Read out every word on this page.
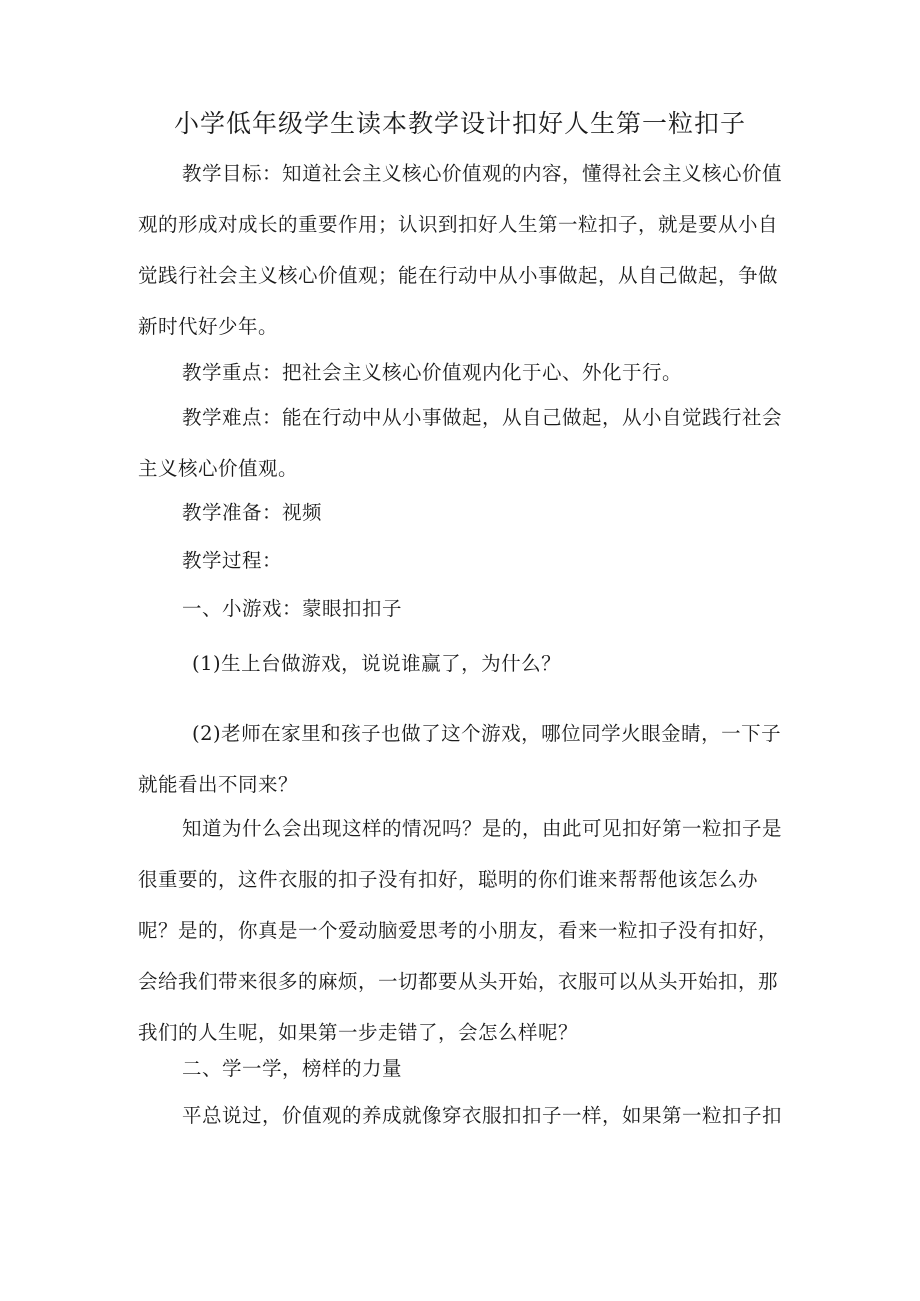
小学低年级学生读本教学设计扣好人生第一粒扣子

教学目标：知道社会主义核心价值观的内容，懂得社会主义核心价值观的形成对成长的重要作用；认识到扣好人生第一粒扣子，就是要从小自觉践行社会主义核心价值观；能在行动中从小事做起，从自己做起，争做新时代好少年。

教学重点：把社会主义核心价值观内化于心、外化于行。

教学难点：能在行动中从小事做起，从自己做起，从小自觉践行社会主义核心价值观。

教学准备：视频

教学过程：

一、小游戏：蒙眼扣扣子

(1)生上台做游戏，说说谁赢了，为什么？

(2)老师在家里和孩子也做了这个游戏，哪位同学火眼金睛，一下子就能看出不同来？

知道为什么会出现这样的情况吗？是的，由此可见扣好第一粒扣子是很重要的，这件衣服的扣子没有扣好，聪明的你们谁来帮帮他该怎么办呢？是的，你真是一个爱动脑爱思考的小朋友，看来一粒扣子没有扣好，会给我们带来很多的麻烦，一切都要从头开始，衣服可以从头开始扣，那我们的人生呢，如果第一步走错了，会怎么样呢？

二、学一学，榜样的力量

平总说过，价值观的养成就像穿衣服扣扣子一样，如果第一粒扣子扣
